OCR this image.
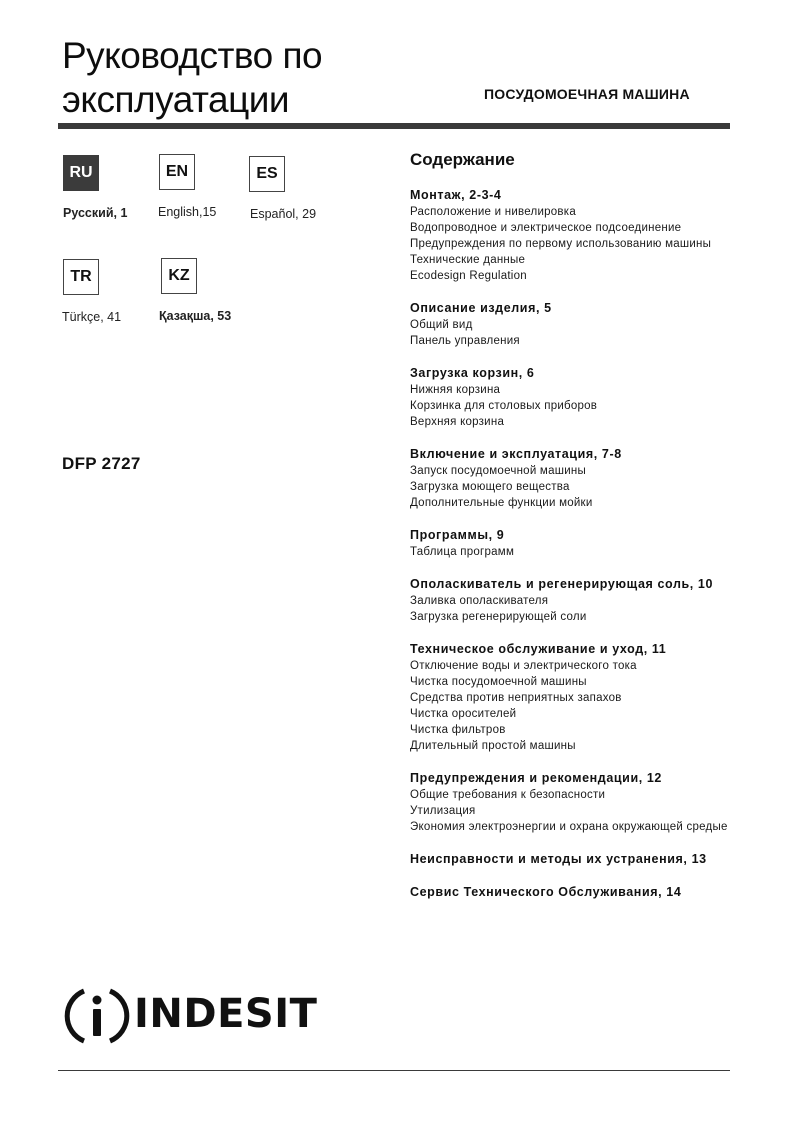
Руководство по
эксплуатации	ПОСУДОМОЕЧНАЯ МАШИНА
RU
Русский, 1
EN
English,15
ES
Español, 29
TR
Türkçe, 41
KZ
Қазақша, 53
DFP 2727
Содержание
Монтаж, 2-3-4
Расположение и нивелировка
Водопроводное и электрическое подсоединение
Предупреждения по первому использованию машины
Технические данные
Ecodesign Regulation
Описание изделия, 5
Общий вид
Панель управления
Загрузка корзин, 6
Нижняя корзина
Корзинка для столовых приборов
Верхняя корзина
Включение и эксплуатация, 7-8
Запуск посудомоечной машины
Загрузка моющего вещества
Дополнительные функции мойки
Программы, 9
Таблица программ
Ополаскиватель и регенерирующая соль, 10
Заливка ополаскивателя
Загрузка регенерирующей соли
Техническое обслуживание и уход, 11
Отключение воды и электрического тока
Чистка посудомоечной машины
Средства против неприятных запахов
Чистка оросителей
Чистка фильтров
Длительный простой машины
Предупреждения и рекомендации, 12
Общие требования к безопасности
Утилизация
Экономия электроэнергии и охрана окружающей средые
Неисправности и методы их устранения, 13
Сервис Технического Обслуживания, 14
INDESIT
